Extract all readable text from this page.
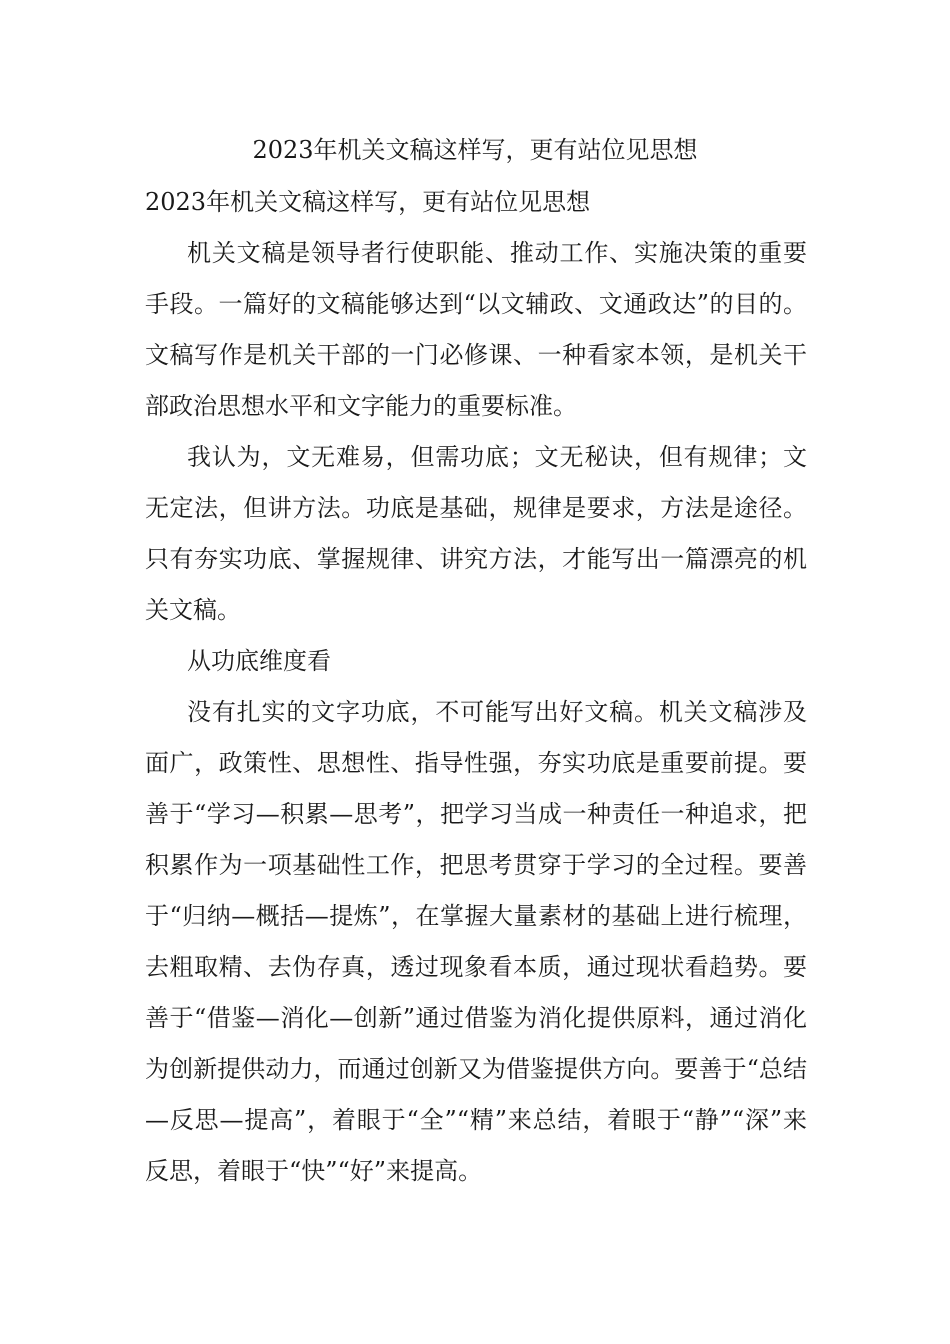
2023年机关文稿这样写，更有站位见思想

2023年机关文稿这样写，更有站位见思想

机关文稿是领导者行使职能、推动工作、实施决策的重要手段。一篇好的文稿能够达到“以文辅政、文通政达”的目的。文稿写作是机关干部的一门必修课、一种看家本领，是机关干部政治思想水平和文字能力的重要标准。

我认为，文无难易，但需功底；文无秘诀，但有规律；文无定法，但讲方法。功底是基础，规律是要求，方法是途径。只有夯实功底、掌握规律、讲究方法，才能写出一篇漂亮的机关文稿。

从功底维度看

没有扎实的文字功底，不可能写出好文稿。机关文稿涉及面广，政策性、思想性、指导性强，夯实功底是重要前提。要善于“学习—积累—思考”，把学习当成一种责任一种追求，把积累作为一项基础性工作，把思考贯穿于学习的全过程。要善于“归纳—概括—提炼”，在掌握大量素材的基础上进行梳理，去粗取精、去伪存真，透过现象看本质，通过现状看趋势。要善于“借鉴—消化—创新”通过借鉴为消化提供原料，通过消化为创新提供动力，而通过创新又为借鉴提供方向。要善于“总结—反思—提高”，着眼于“全”“精”来总结，着眼于“静”“深”来反思，着眼于“快”“好”来提高。
